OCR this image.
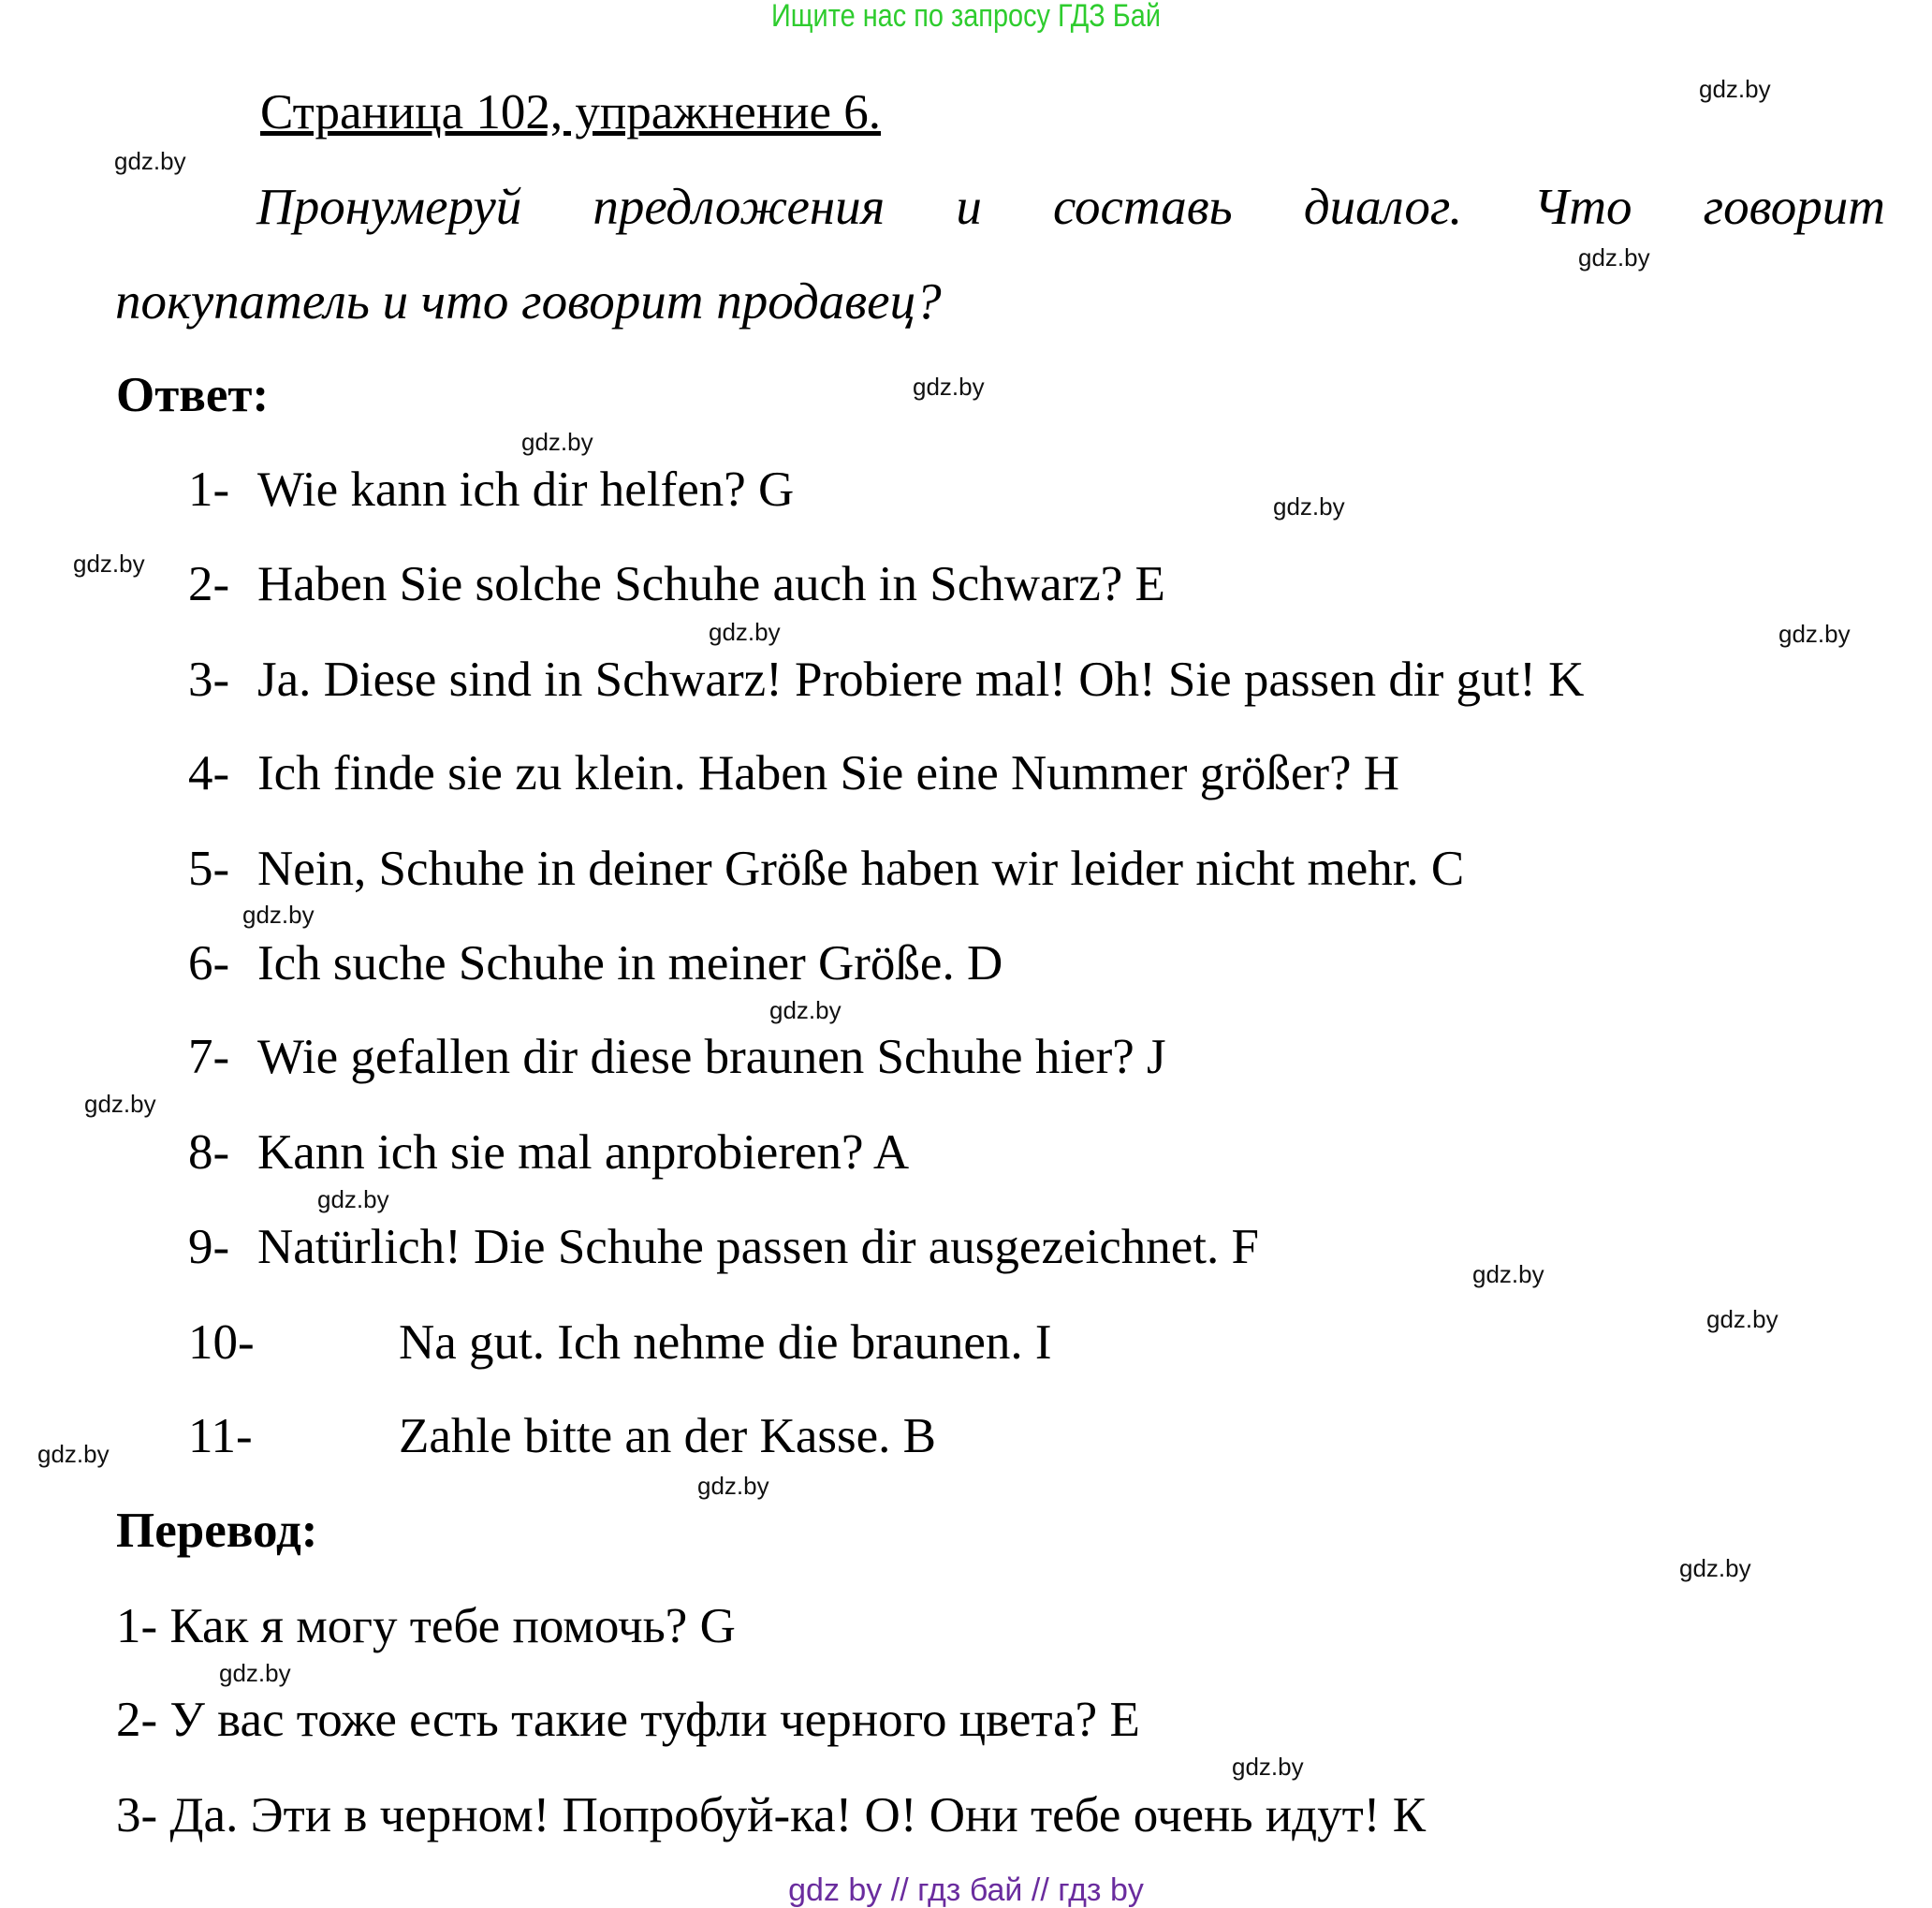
Ищите нас по запросу ГДЗ Бай
Страница 102, упражнение 6.
Пронумеруй предложения и составь диалог. Что говорит
покупатель и что говорит продавец?
Ответ:
1- Wie kann ich dir helfen? G
2- Haben Sie solche Schuhe auch in Schwarz? E
3- Ja. Diese sind in Schwarz! Probiere mal! Oh! Sie passen dir gut! K
4- Ich finde sie zu klein. Haben Sie eine Nummer größer? H
5- Nein, Schuhe in deiner Größe haben wir leider nicht mehr. C
6- Ich suche Schuhe in meiner Größe. D
7- Wie gefallen dir diese braunen Schuhe hier? J
8- Kann ich sie mal anprobieren? A
9- Natürlich! Die Schuhe passen dir ausgezeichnet. F
10-	Na gut. Ich nehme die braunen. I
11-	Zahle bitte an der Kasse. B
Перевод:
1- Как я могу тебе помочь? G
2- У вас тоже есть такие туфли черного цвета? E
3- Да. Эти в черном! Попробуй-ка! О! Они тебе очень идут! К
gdz.by
gdz.by
gdz.by
gdz.by
gdz.by
gdz.by
gdz.by
gdz.by	gdz.by
gdz.by
gdz.by
gdz.by
gdz.by
gdz.by
gdz.by
gdz.by
gdz.by
gdz.by
gdz.by
gdz.by
gdz by // гдз бай // гдз by
